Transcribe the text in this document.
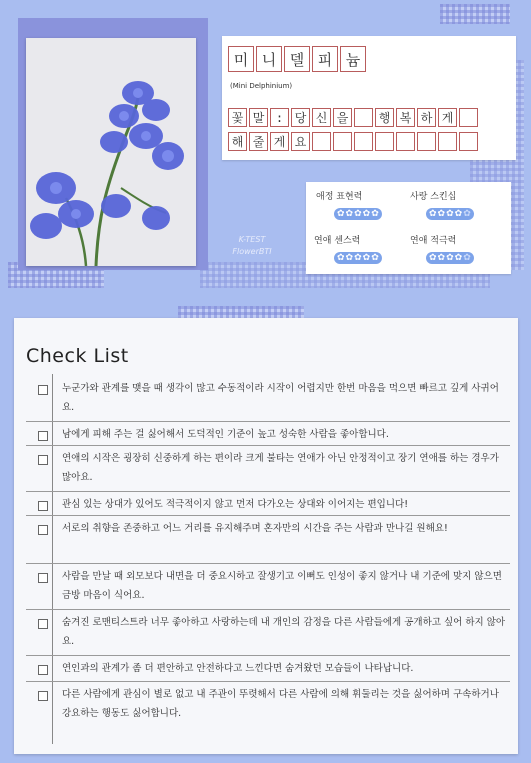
미 니 델 피 늄
(Mini Delphinium)
꽃 말 : 당 신 을	행 복 하 게
해 줄 게 요
애정 표현력
✿ ✿ ✿ ✿ ✿
사랑 스킨십
✿ ✿ ✿ ✿ ✿
연애 센스력
✿ ✿ ✿ ✿ ✿
연애 적극력
✿ ✿ ✿ ✿ ✿
K-TEST
FlowerBTI
Check List
누군가와 관계를 맺을 때 생각이 많고 수동적이라 시작이 어렵지만 한번 마음을 먹으면 빠르고 깊게 사귀어요.
남에게 피해 주는 걸 싫어해서 도덕적인 기준이 높고 성숙한 사람을 좋아합니다.
연애의 시작은 굉장히 신중하게 하는 편이라 크게 불타는 연애가 아닌 안정적이고 장기 연애를 하는 경우가 많아요.
관심 있는 상대가 있어도 적극적이지 않고 먼저 다가오는 상대와 이어지는 편입니다!
서로의 취향을 존중하고 어느 거리를 유지해주며 혼자만의 시간을 주는 사람과 만나길 원해요!
사람을 만날 때 외모보다 내면을 더 중요시하고 잘생기고 이뻐도 인성이 좋지 않거나 내 기준에 맞지 않으면 금방 마음이 식어요.
숨겨진 로맨티스트라 너무 좋아하고 사랑하는데 내 개인의 감정을 다른 사람들에게 공개하고 싶어 하지 않아요.
연인과의 관계가 좀 더 편안하고 안전하다고 느낀다면 숨겨왔던 모습들이 나타납니다.
다른 사람에게 관심이 별로 없고 내 주관이 뚜렷해서 다른 사람에 의해 휘둘리는 것을 싫어하며 구속하거나 강요하는 행동도 싫어합니다.
